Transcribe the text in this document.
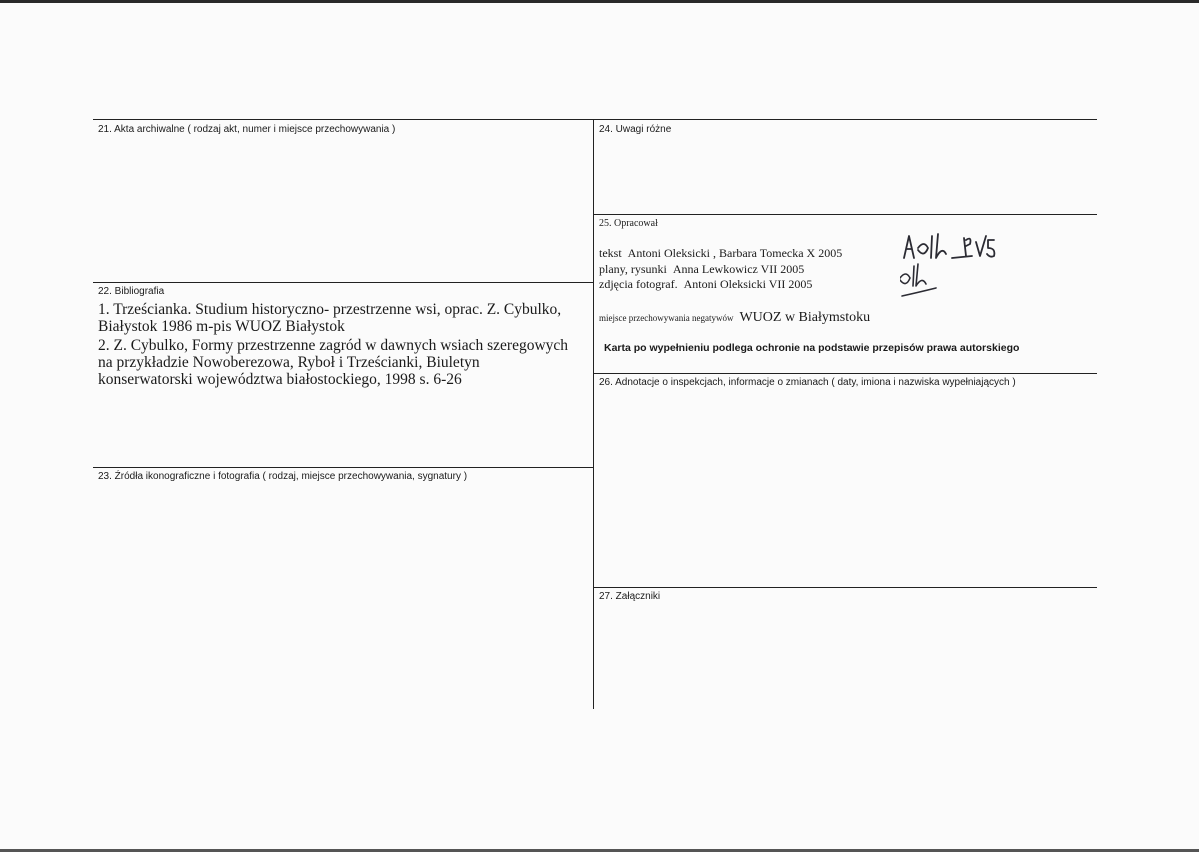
21. Akta archiwalne ( rodzaj akt, numer i miejsce przechowywania )
22. Bibliografia
1. Trześcianka. Studium historyczno- przestrzenne wsi, oprac. Z. Cybulko, Białystok 1986 m-pis WUOZ Białystok
2. Z. Cybulko, Formy przestrzenne zagród w dawnych wsiach szeregowych na przykładzie Nowoberezowa, Ryboł i Trześcianki, Biuletyn konserwatorski województwa białostockiego, 1998 s. 6-26
23. Źródła ikonograficzne i fotografia ( rodzaj, miejsce przechowywania, sygnatury )
24. Uwagi różne
25. Opracował
tekst Antoni Oleksicki , Barbara Tomecka X 2005
plany, rysunki Anna Lewkowicz VII 2005
zdjęcia fotograf. Antoni Oleksicki VII 2005
miejsce przechowywania negatywów WUOZ w Białymstoku
Karta po wypełnieniu podlega ochronie na podstawie przepisów prawa autorskiego
26. Adnotacje o inspekcjach, informacje o zmianach ( daty, imiona i nazwiska wypełniających )
27. Załączniki
